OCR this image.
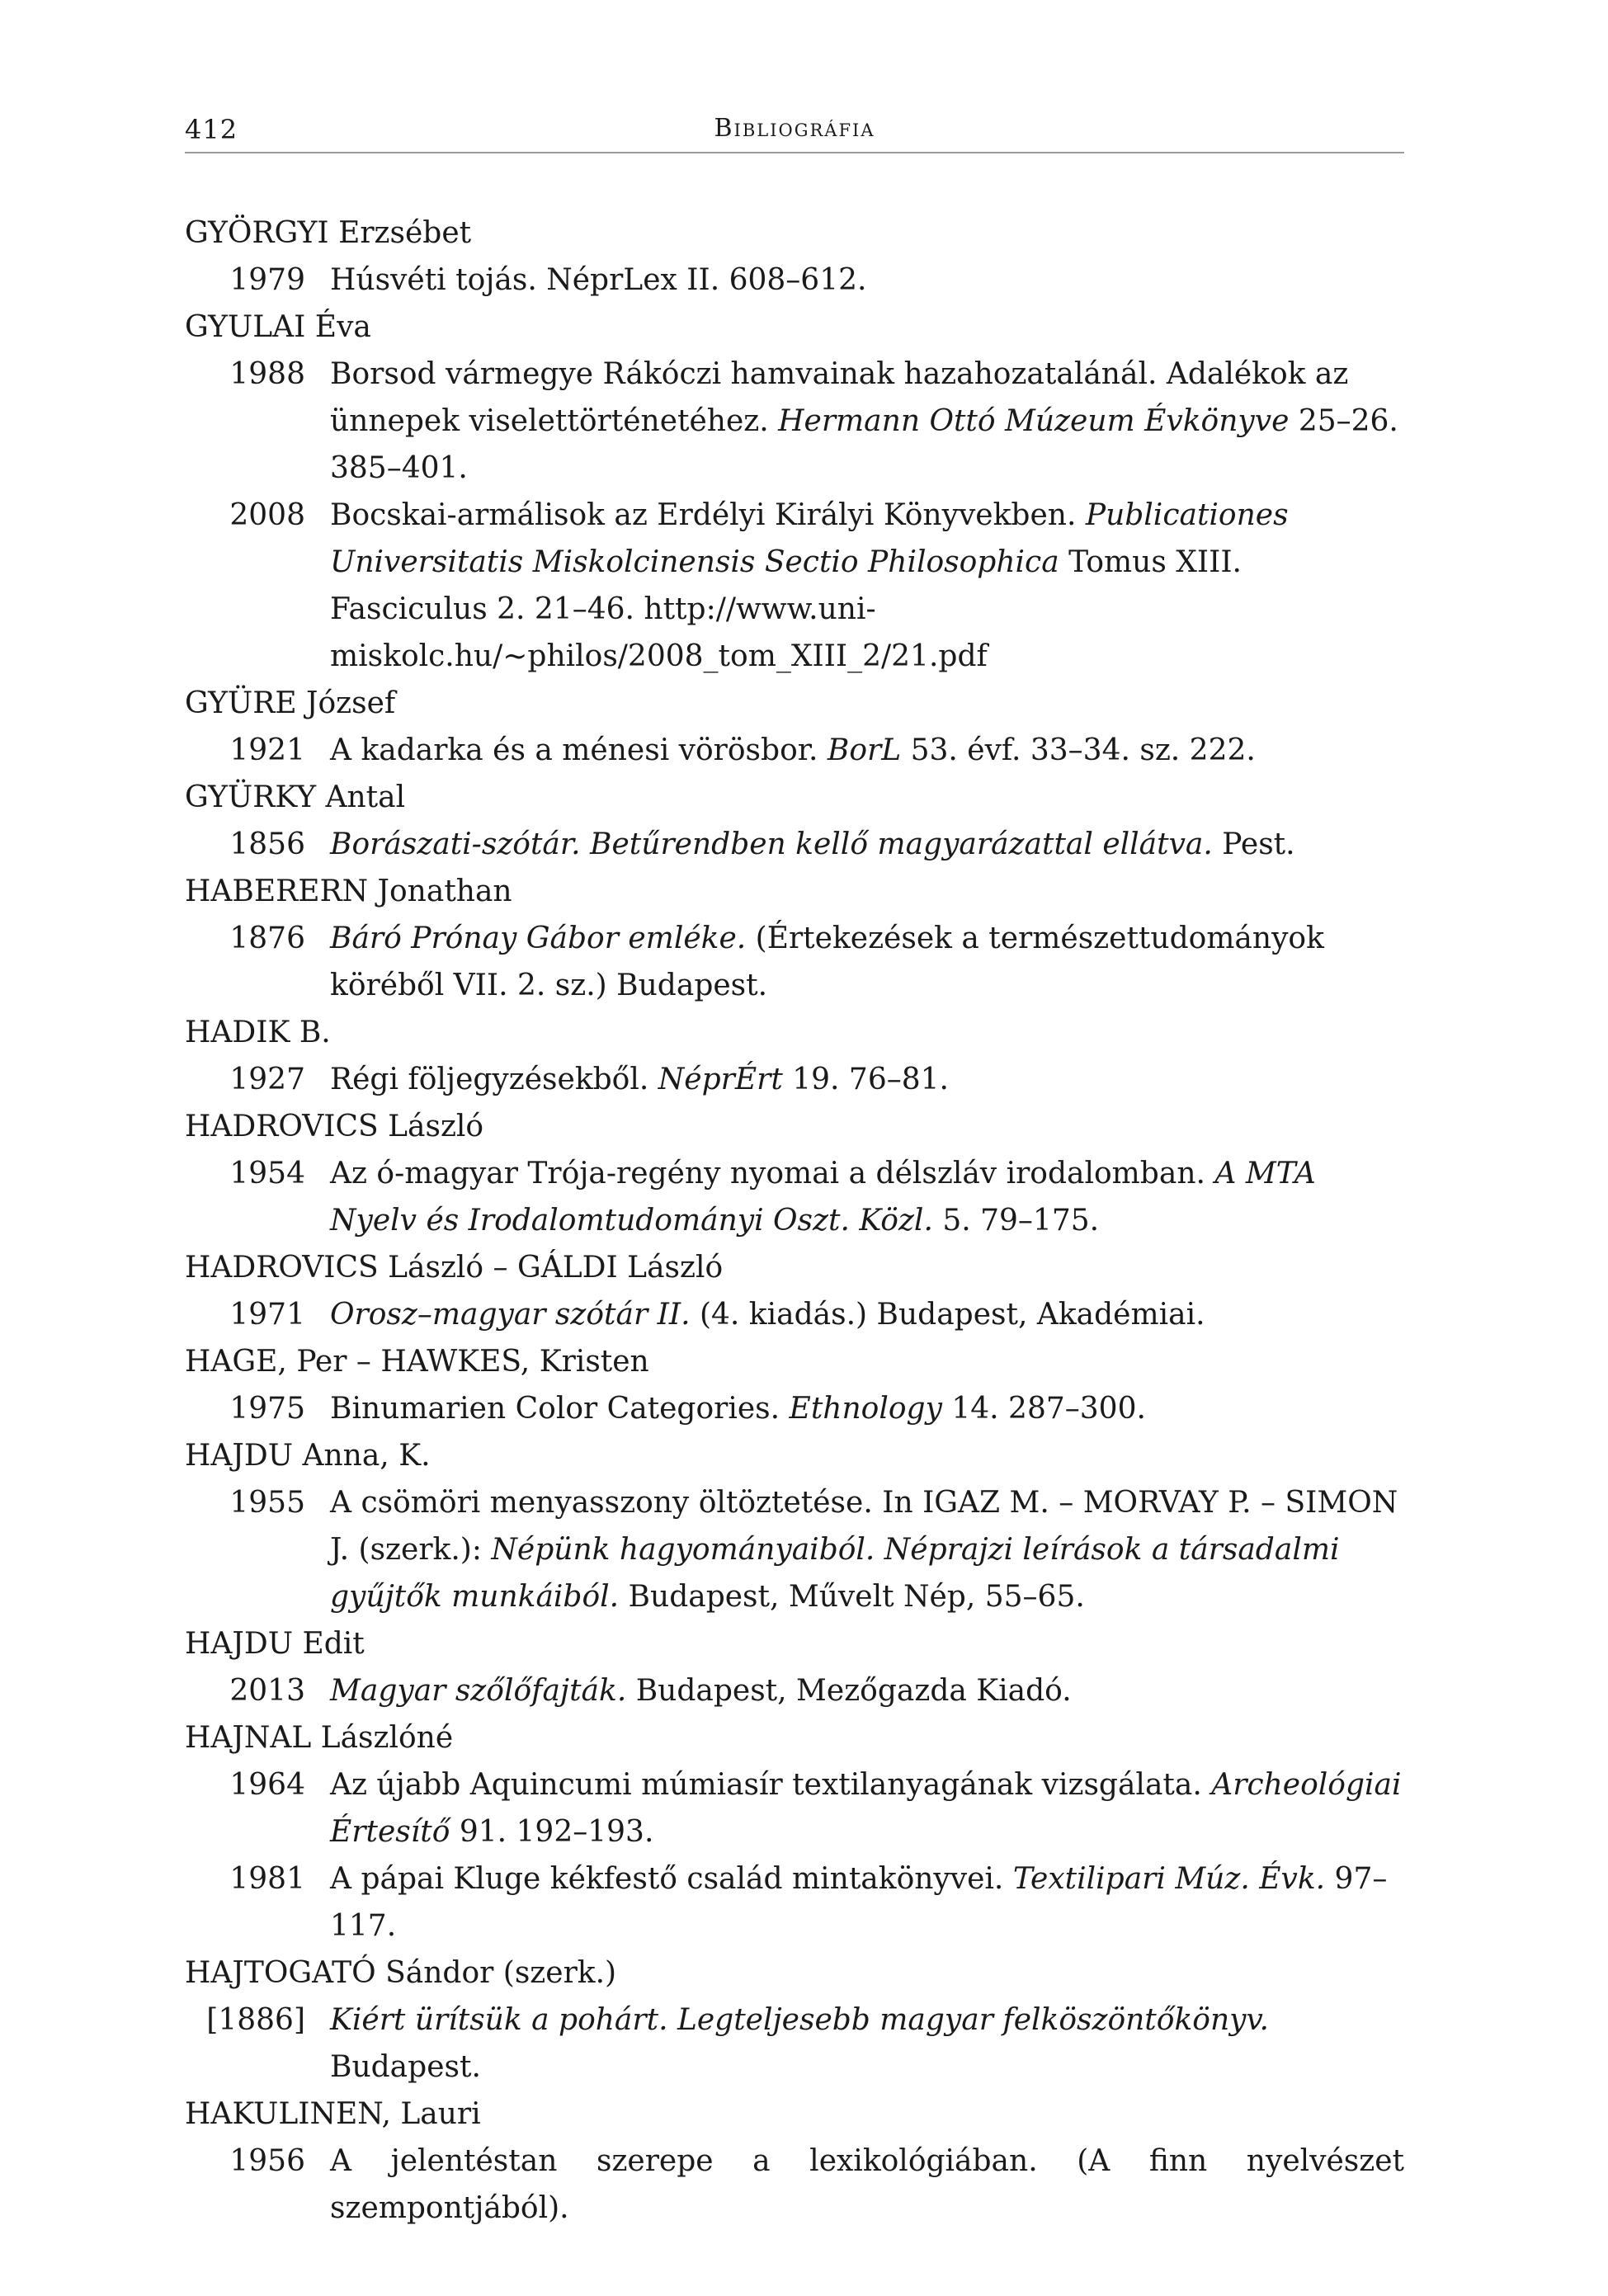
412	Bibliográfia
GYÖRGYI Erzsébet
1979 Húsvéti tojás. NéprLex II. 608–612.
GYULAI Éva
1988 Borsod vármegye Rákóczi hamvainak hazahozatalánál. Adalékok az ünnepek viselettörténetéhez. Hermann Ottó Múzeum Évkönyve 25–26. 385–401.
2008 Bocskai-armálisok az Erdélyi Királyi Könyvekben. Publicationes Universitatis Miskolcinensis Sectio Philosophica Tomus XIII. Fasciculus 2. 21–46. http://www.uni-miskolc.hu/~philos/2008_tom_XIII_2/21.pdf
GYÜRE József
1921 A kadarka és a ménesi vörösbor. BorL 53. évf. 33–34. sz. 222.
GYÜRKY Antal
1856 Borászati-szótár. Betűrendben kellő magyarázattal ellátva. Pest.
HABERERN Jonathan
1876 Báró Prónay Gábor emléke. (Értekezések a természettudományok köréből VII. 2. sz.) Budapest.
HADIK B.
1927 Régi följegyzésekből. NéprÉrt 19. 76–81.
HADROVICS László
1954 Az ó-magyar Trója-regény nyomai a délszláv irodalomban. A MTA Nyelv és Irodalomtudományi Oszt. Közl. 5. 79–175.
HADROVICS László – GÁLDI László
1971 Orosz–magyar szótár II. (4. kiadás.) Budapest, Akadémiai.
HAGE, Per – HAWKES, Kristen
1975 Binumarien Color Categories. Ethnology 14. 287–300.
HAJDU Anna, K.
1955 A csömöri menyasszony öltöztetése. In IGAZ M. – MORVAY P. – SIMON J. (szerk.): Népünk hagyományaiból. Néprajzi leírások a társadalmi gyűjtők munkáiból. Budapest, Művelt Nép, 55–65.
HAJDU Edit
2013 Magyar szőlőfajták. Budapest, Mezőgazda Kiadó.
HAJNAL Lászlóné
1964 Az újabb Aquincumi múmiasír textilanyagának vizsgálata. Archeológiai Értesítő 91. 192–193.
1981 A pápai Kluge kékfestő család mintakönyvei. Textilipari Múz. Évk. 97–117.
HAJTOGATÓ Sándor (szerk.)
[1886] Kiért ürítsük a pohárt. Legteljesebb magyar felköszöntőkönyv. Budapest.
HAKULINEN, Lauri
1956 A jelentéstan szerepe a lexikológiában. (A finn nyelvészet szempontjából).
